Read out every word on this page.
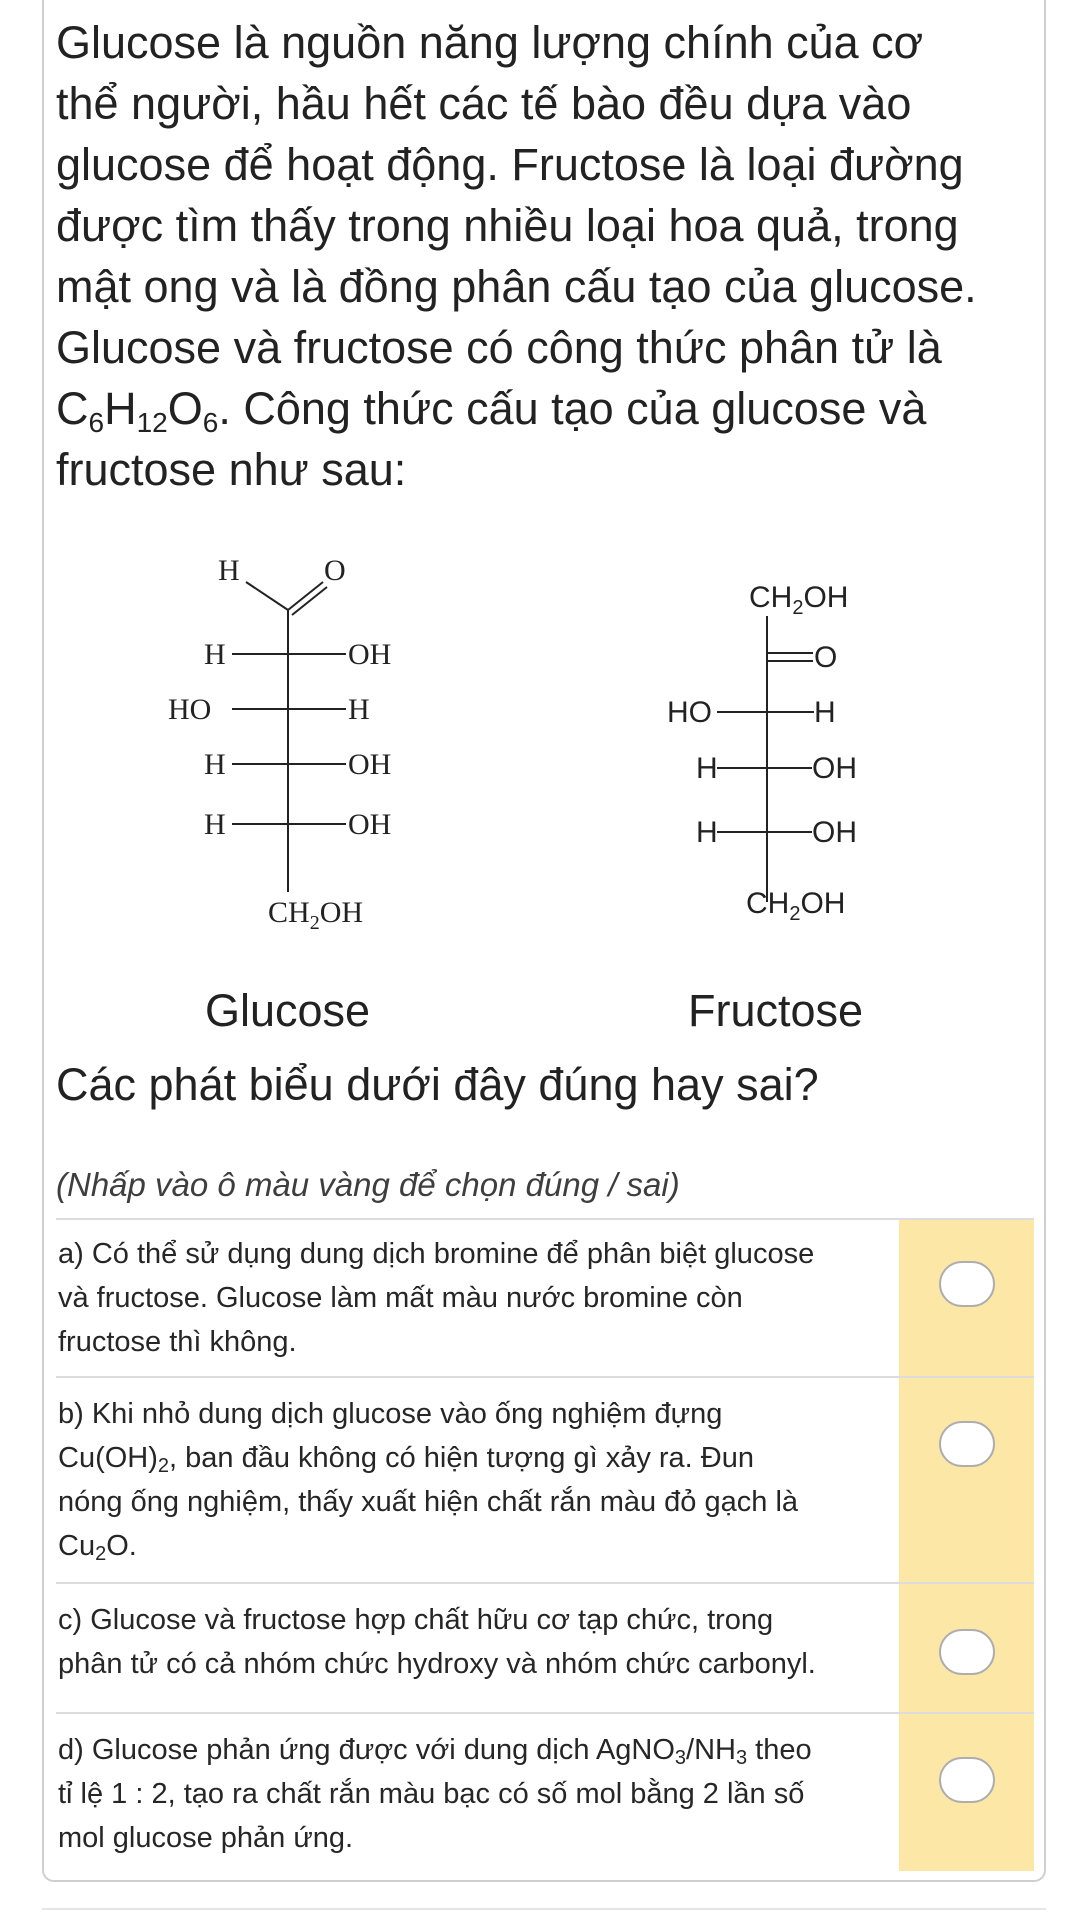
Glucose là nguồn năng lượng chính của cơ
thể người, hầu hết các tế bào đều dựa vào
glucose để hoạt động. Fructose là loại đường
được tìm thấy trong nhiều loại hoa quả, trong
mật ong và là đồng phân cấu tạo của glucose.
Glucose và fructose có công thức phân tử là
$C_6H_{12}O_6$. Công thức cấu tạo của glucose và
fructose như sau:
H	O
H	OH
HO	H
H	OH
H	OH
$CH_2OH$
$CH_2OH$
O
HO	H
H	OH
H	OH
$CH_2OH$
Glucose	Fructose
Các phát biểu dưới đây đúng hay sai?
(Nhấp vào ô màu vàng để chọn đúng / sai)
a) Có thể sử dụng dung dịch bromine để phân biệt glucose
và fructose. Glucose làm mất màu nước bromine còn
fructose thì không.
b) Khi nhỏ dung dịch glucose vào ống nghiệm đựng
$Cu(OH)_2$, ban đầu không có hiện tượng gì xảy ra. Đun
nóng ống nghiệm, thấy xuất hiện chất rắn màu đỏ gạch là
$Cu_2O$.
c) Glucose và fructose hợp chất hữu cơ tạp chức, trong
phân tử có cả nhóm chức hydroxy và nhóm chức carbonyl.
d) Glucose phản ứng được với dung dịch $AgNO_3/NH_3$ theo
tỉ lệ 1 : 2, tạo ra chất rắn màu bạc có số mol bằng 2 lần số
mol glucose phản ứng.
